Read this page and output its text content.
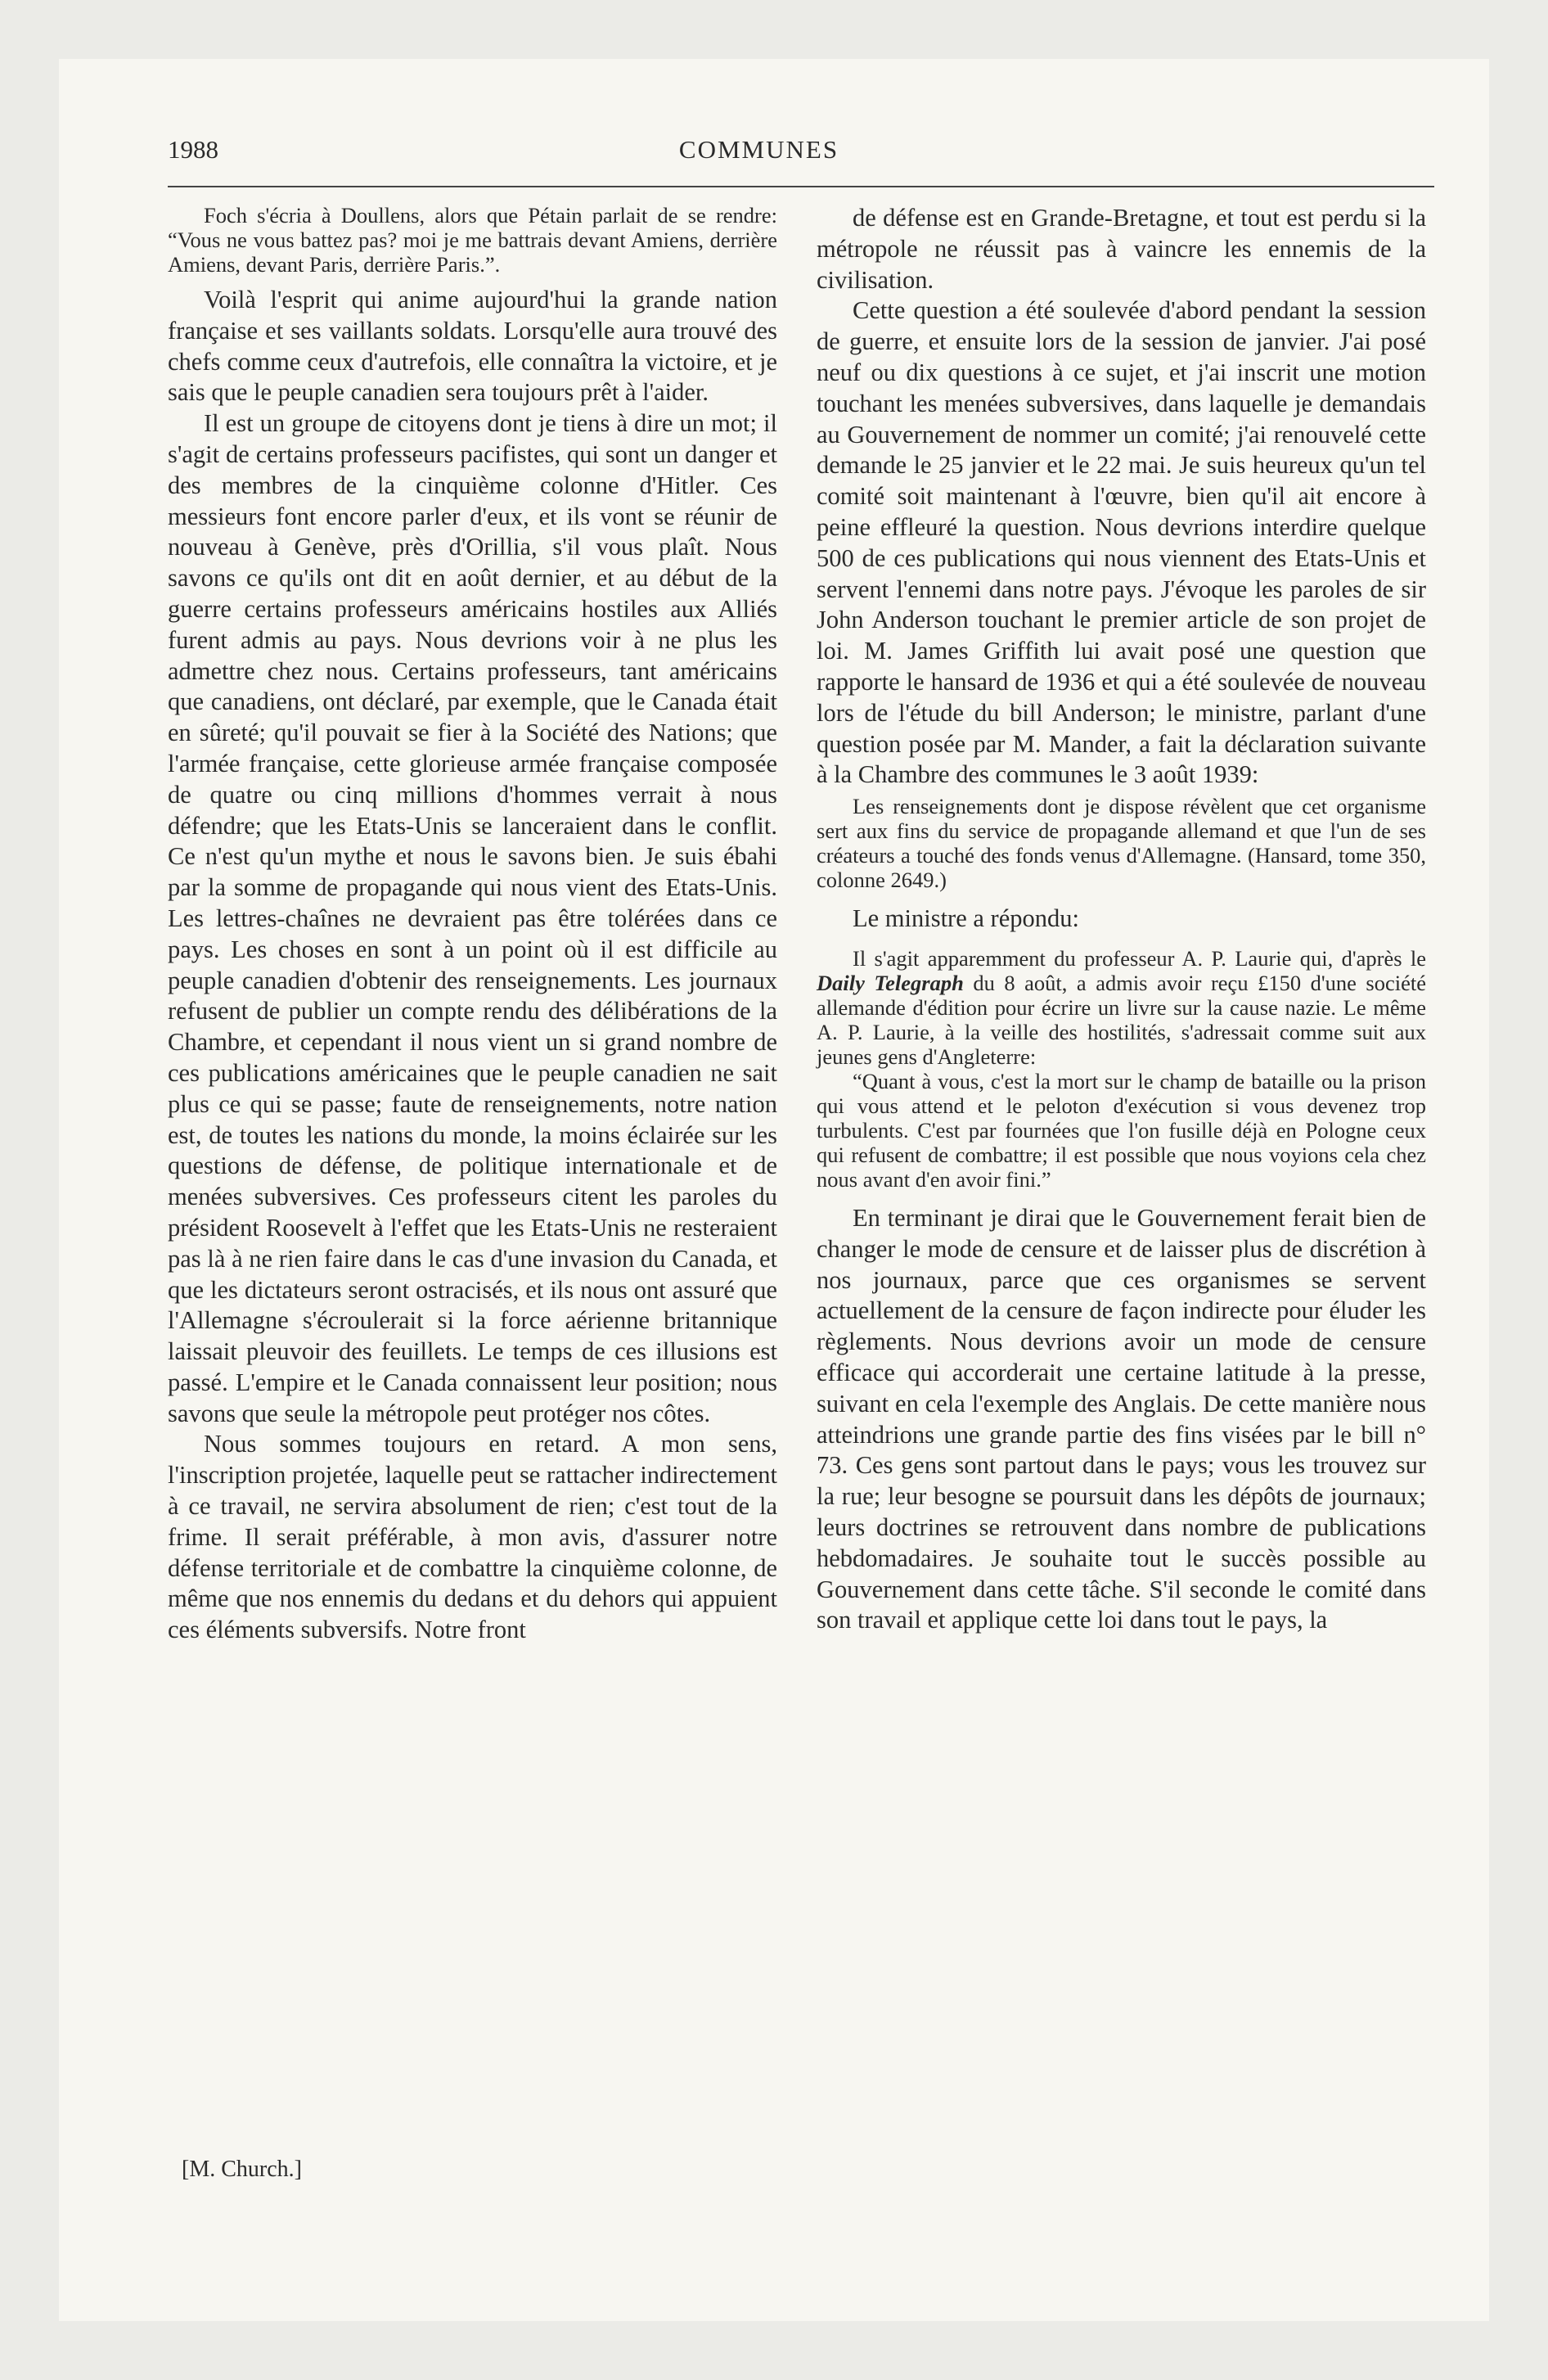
1988	COMMUNES

Foch s'écria à Doullens, alors que Pétain parlait de se rendre: “Vous ne vous battez pas? moi je me battrais devant Amiens, derrière Amiens, devant Paris, derrière Paris.”.

Voilà l'esprit qui anime aujourd'hui la grande nation française et ses vaillants soldats. Lorsqu'elle aura trouvé des chefs comme ceux d'autrefois, elle connaîtra la victoire, et je sais que le peuple canadien sera toujours prêt à l'aider.

Il est un groupe de citoyens dont je tiens à dire un mot; il s'agit de certains professeurs pacifistes, qui sont un danger et des membres de la cinquième colonne d'Hitler. Ces messieurs font encore parler d'eux, et ils vont se réunir de nouveau à Genève, près d'Orillia, s'il vous plaît. Nous savons ce qu'ils ont dit en août dernier, et au début de la guerre certains professeurs américains hostiles aux Alliés furent admis au pays. Nous devrions voir à ne plus les admettre chez nous. Certains professeurs, tant américains que canadiens, ont déclaré, par exemple, que le Canada était en sûreté; qu'il pouvait se fier à la Société des Nations; que l'armée française, cette glorieuse armée française composée de quatre ou cinq millions d'hommes verrait à nous défendre; que les Etats-Unis se lanceraient dans le conflit. Ce n'est qu'un mythe et nous le savons bien. Je suis ébahi par la somme de propagande qui nous vient des Etats-Unis. Les lettres-chaînes ne devraient pas être tolérées dans ce pays. Les choses en sont à un point où il est difficile au peuple canadien d'obtenir des renseignements. Les journaux refusent de publier un compte rendu des délibérations de la Chambre, et cependant il nous vient un si grand nombre de ces publications américaines que le peuple canadien ne sait plus ce qui se passe; faute de renseignements, notre nation est, de toutes les nations du monde, la moins éclairée sur les questions de défense, de politique internationale et de menées subversives. Ces professeurs citent les paroles du président Roosevelt à l'effet que les Etats-Unis ne resteraient pas là à ne rien faire dans le cas d'une invasion du Canada, et que les dictateurs seront ostracisés, et ils nous ont assuré que l'Allemagne s'écroulerait si la force aérienne britannique laissait pleuvoir des feuillets. Le temps de ces illusions est passé. L'empire et le Canada connaissent leur position; nous savons que seule la métropole peut protéger nos côtes.

Nous sommes toujours en retard. A mon sens, l'inscription projetée, laquelle peut se rattacher indirectement à ce travail, ne servira absolument de rien; c'est tout de la frime. Il serait préférable, à mon avis, d'assurer notre défense territoriale et de combattre la cinquième colonne, de même que nos ennemis du dedans et du dehors qui appuient ces éléments subversifs. Notre front

[M. Church.]

de défense est en Grande-Bretagne, et tout est perdu si la métropole ne réussit pas à vaincre les ennemis de la civilisation.

Cette question a été soulevée d'abord pendant la session de guerre, et ensuite lors de la session de janvier. J'ai posé neuf ou dix questions à ce sujet, et j'ai inscrit une motion touchant les menées subversives, dans laquelle je demandais au Gouvernement de nommer un comité; j'ai renouvelé cette demande le 25 janvier et le 22 mai. Je suis heureux qu'un tel comité soit maintenant à l'œuvre, bien qu'il ait encore à peine effleuré la question. Nous devrions interdire quelque 500 de ces publications qui nous viennent des Etats-Unis et servent l'ennemi dans notre pays. J'évoque les paroles de sir John Anderson touchant le premier article de son projet de loi. M. James Griffith lui avait posé une question que rapporte le hansard de 1936 et qui a été soulevée de nouveau lors de l'étude du bill Anderson; le ministre, parlant d'une question posée par M. Mander, a fait la déclaration suivante à la Chambre des communes le 3 août 1939:

Les renseignements dont je dispose révèlent que cet organisme sert aux fins du service de propagande allemand et que l'un de ses créateurs a touché des fonds venus d'Allemagne. (Hansard, tome 350, colonne 2649.)

Le ministre a répondu:

Il s'agit apparemment du professeur A. P. Laurie qui, d'après le Daily Telegraph du 8 août, a admis avoir reçu £150 d'une société allemande d'édition pour écrire un livre sur la cause nazie. Le même A. P. Laurie, à la veille des hostilités, s'adressait comme suit aux jeunes gens d'Angleterre:

“Quant à vous, c'est la mort sur le champ de bataille ou la prison qui vous attend et le peloton d'exécution si vous devenez trop turbulents. C'est par fournées que l'on fusille déjà en Pologne ceux qui refusent de combattre; il est possible que nous voyions cela chez nous avant d'en avoir fini.”

En terminant je dirai que le Gouvernement ferait bien de changer le mode de censure et de laisser plus de discrétion à nos journaux, parce que ces organismes se servent actuellement de la censure de façon indirecte pour éluder les règlements. Nous devrions avoir un mode de censure efficace qui accorderait une certaine latitude à la presse, suivant en cela l'exemple des Anglais. De cette manière nous atteindrions une grande partie des fins visées par le bill n° 73. Ces gens sont partout dans le pays; vous les trouvez sur la rue; leur besogne se poursuit dans les dépôts de journaux; leurs doctrines se retrouvent dans nombre de publications hebdomadaires. Je souhaite tout le succès possible au Gouvernement dans cette tâche. S'il seconde le comité dans son travail et applique cette loi dans tout le pays, la
